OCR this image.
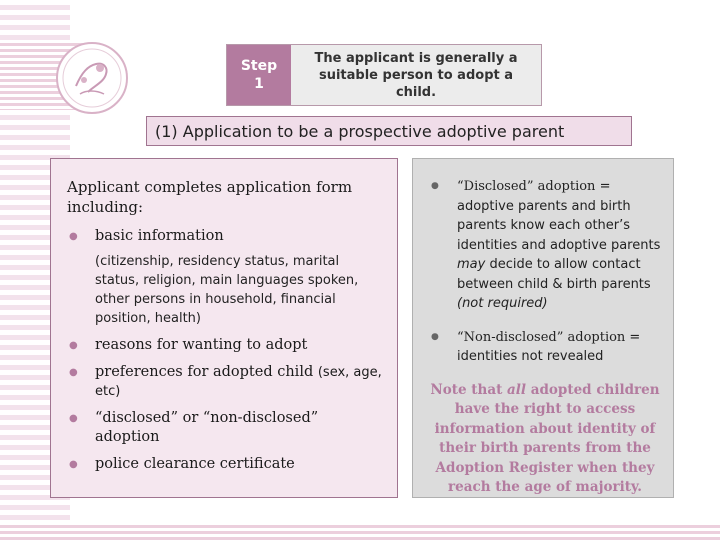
Step
1
The applicant is generally a suitable person to adopt a child.
(1) Application to be a prospective adoptive parent
Applicant completes application form including:
● basic information
(citizenship, residency status, marital status, religion, main languages spoken, other persons in household, financial position, health)
● reasons for wanting to adopt
● preferences for adopted child (sex, age, etc)
● “disclosed” or “non-disclosed” adoption
● police clearance certificate
● “Disclosed” adoption = adoptive parents and birth parents know each other’s identities and adoptive parents may decide to allow contact between child & birth parents (not required)
● “Non-disclosed” adoption = identities not revealed
Note that all adopted children have the right to access information about identity of their birth parents from the Adoption Register when they reach the age of majority.
